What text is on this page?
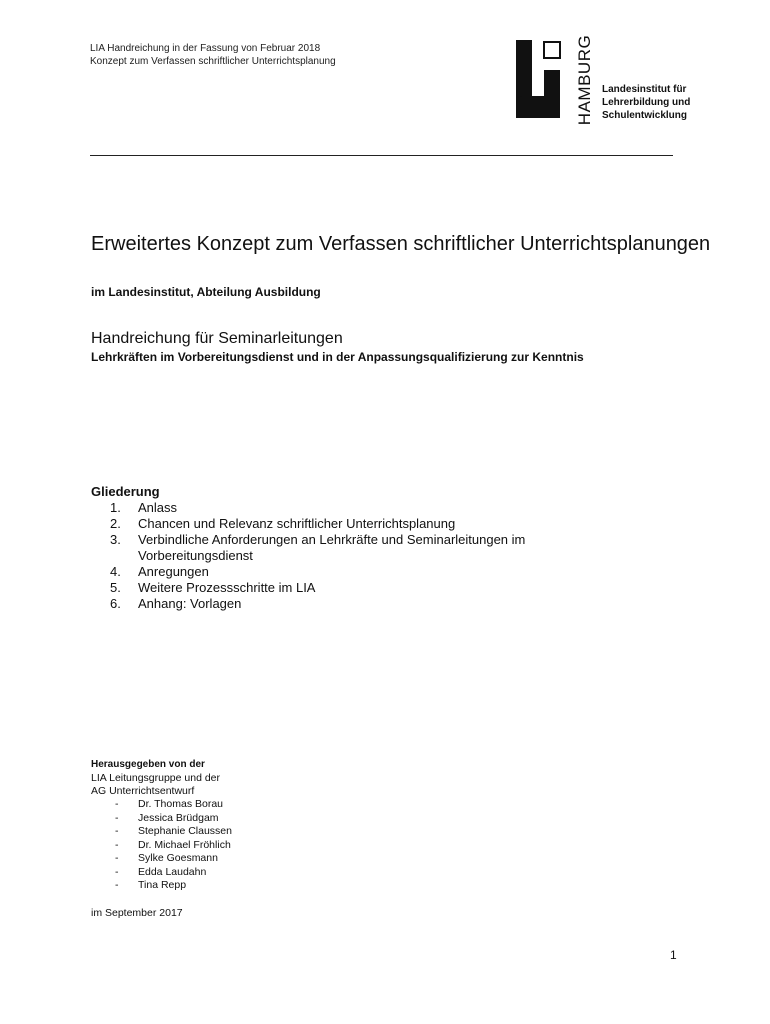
LIA Handreichung in der Fassung von Februar 2018
Konzept zum Verfassen schriftlicher Unterrichtsplanung	HAMBURG Landesinstitut für
Lehrerbildung und
Schulentwicklung
Erweitertes Konzept zum Verfassen schriftlicher Unterrichtsplanungen
im Landesinstitut, Abteilung Ausbildung
Handreichung für Seminarleitungen
Lehrkräften im Vorbereitungsdienst und in der Anpassungsqualifizierung zur Kenntnis
Gliederung
1.	Anlass
2.	Chancen und Relevanz schriftlicher Unterrichtsplanung
3.	Verbindliche Anforderungen an Lehrkräfte und Seminarleitungen im Vorbereitungsdienst
4.	Anregungen
5.	Weitere Prozessschritte im LIA
6.	Anhang: Vorlagen
Herausgegeben von der
LIA Leitungsgruppe und der
AG Unterrichtsentwurf
-	Dr. Thomas Borau
-	Jessica Brüdgam
-	Stephanie Claussen
-	Dr. Michael Fröhlich
-	Sylke Goesmann
-	Edda Laudahn
-	Tina Repp
im September 2017
1
